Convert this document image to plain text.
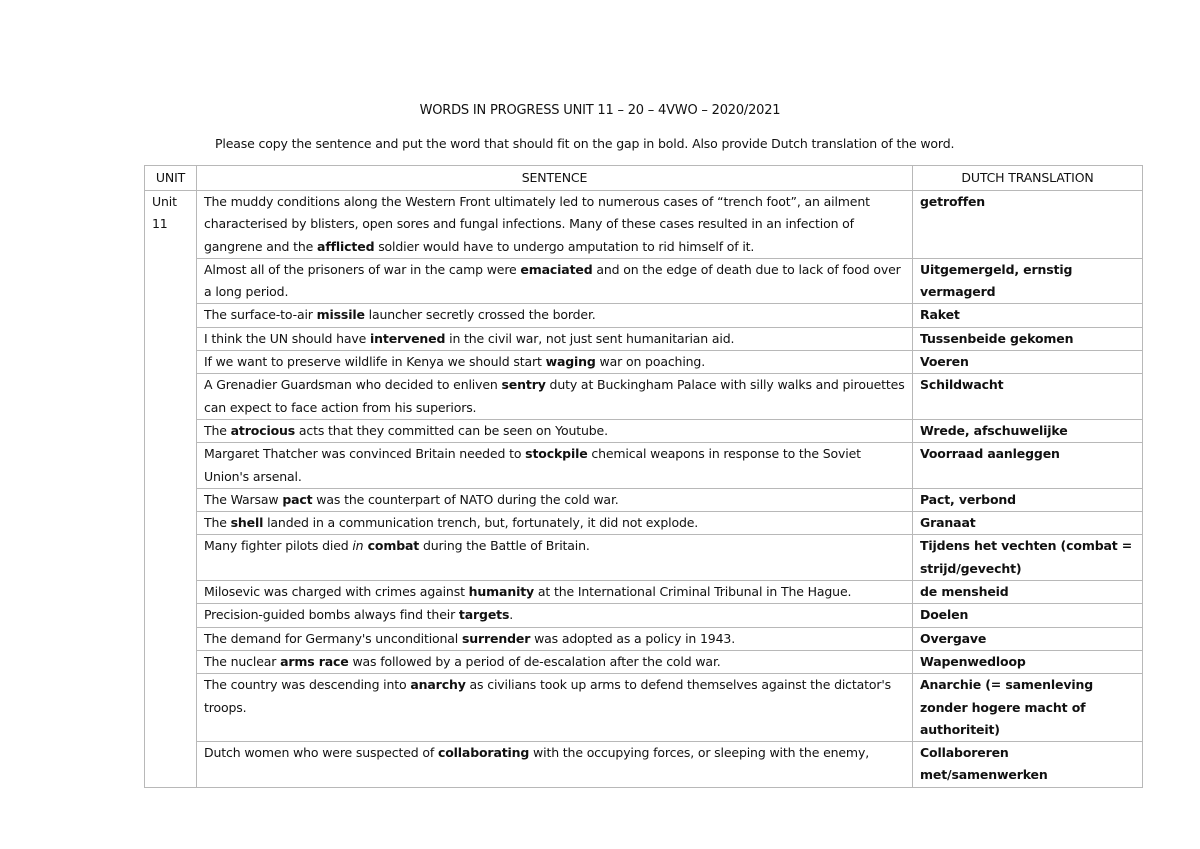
WORDS IN PROGRESS UNIT 11 – 20 – 4VWO – 2020/2021
Please copy the sentence and put the word that should fit on the gap in bold. Also provide Dutch translation of the word.
UNIT	SENTENCE	DUTCH TRANSLATION
Unit 11	The muddy conditions along the Western Front ultimately led to numerous cases of “trench foot”, an ailment characterised by blisters, open sores and fungal infections. Many of these cases resulted in an infection of gangrene and the afflicted soldier would have to undergo amputation to rid himself of it.	getroffen
	Almost all of the prisoners of war in the camp were emaciated and on the edge of death due to lack of food over a long period.	Uitgemergeld, ernstig vermagerd
	The surface-to-air missile launcher secretly crossed the border.	Raket
	I think the UN should have intervened in the civil war, not just sent humanitarian aid.	Tussenbeide gekomen
	If we want to preserve wildlife in Kenya we should start waging war on poaching.	Voeren
	A Grenadier Guardsman who decided to enliven sentry duty at Buckingham Palace with silly walks and pirouettes can expect to face action from his superiors.	Schildwacht
	The atrocious acts that they committed can be seen on Youtube.	Wrede, afschuwelijke
	Margaret Thatcher was convinced Britain needed to stockpile chemical weapons in response to the Soviet Union's arsenal.	Voorraad aanleggen
	The Warsaw pact was the counterpart of NATO during the cold war.	Pact, verbond
	The shell landed in a communication trench, but, fortunately, it did not explode.	Granaat
	Many fighter pilots died in combat during the Battle of Britain.	Tijdens het vechten (combat = strijd/gevecht)
	Milosevic was charged with crimes against humanity at the International Criminal Tribunal in The Hague.	de mensheid
	Precision-guided bombs always find their targets.	Doelen
	The demand for Germany's unconditional surrender was adopted as a policy in 1943.	Overgave
	The nuclear arms race was followed by a period of de-escalation after the cold war.	Wapenwedloop
	The country was descending into anarchy as civilians took up arms to defend themselves against the dictator's troops.	Anarchie (= samenleving zonder hogere macht of authoriteit)
	Dutch women who were suspected of collaborating with the occupying forces, or sleeping with the enemy,	Collaboreren met/samenwerken
